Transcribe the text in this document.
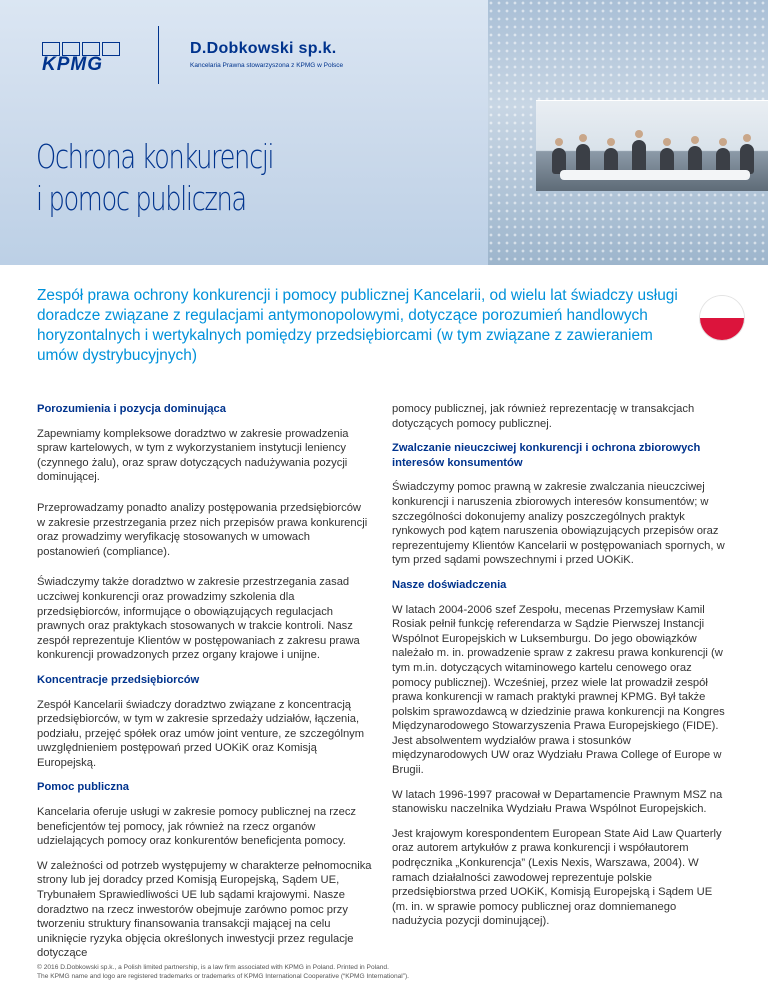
KPMG
D.Dobkowski sp.k.
Kancelaria Prawna stowarzyszona z KPMG w Polsce
Ochrona konkurencji
i pomoc publiczna
Zespół prawa ochrony konkurencji i pomocy publicznej Kancelarii, od wielu lat świadczy usługi doradcze związane z regulacjami antymonopolowymi, dotyczące porozumień handlowych horyzontalnych i wertykalnych pomiędzy przedsiębiorcami (w tym związane z zawieraniem umów dystrybucyjnych)
Porozumienia i pozycja dominująca

Zapewniamy kompleksowe doradztwo w zakresie prowadzenia spraw kartelowych, w tym z wykorzystaniem instytucji leniency (czynnego żalu), oraz spraw dotyczących nadużywania pozycji dominującej.

Przeprowadzamy ponadto analizy postępowania przedsiębiorców w zakresie przestrzegania przez nich przepisów prawa konkurencji oraz prowadzimy weryfikację stosowanych w umowach postanowień (compliance).

Świadczymy także doradztwo w zakresie przestrzegania zasad uczciwej konkurencji oraz prowadzimy szkolenia dla przedsiębiorców, informujące o obowiązujących regulacjach prawnych oraz praktykach stosowanych w trakcie kontroli. Nasz zespół reprezentuje Klientów w postępowaniach z zakresu prawa konkurencji prowadzonych przez organy krajowe i unijne.

Koncentracje przedsiębiorców

Zespół Kancelarii świadczy doradztwo związane z koncentracją przedsiębiorców, w tym w zakresie sprzedaży udziałów, łączenia, podziału, przejęć spółek oraz umów joint venture, ze szczególnym uwzględnieniem postępowań przed UOKiK oraz Komisją Europejską.

Pomoc publiczna

Kancelaria oferuje usługi w zakresie pomocy publicznej na rzecz beneficjentów tej pomocy, jak również na rzecz organów udzielających pomocy oraz konkurentów beneficjenta pomocy.

W zależności od potrzeb występujemy w charakterze pełnomocnika strony lub jej doradcy przed Komisją Europejską, Sądem UE, Trybunałem Sprawiedliwości UE lub sądami krajowymi. Nasze doradztwo na rzecz inwestorów obejmuje zarówno pomoc przy tworzeniu struktury finansowania transakcji mającej na celu uniknięcie ryzyka objęcia określonych inwestycji przez regulacje dotyczące

pomocy publicznej, jak również reprezentację w transakcjach dotyczących pomocy publicznej.

Zwalczanie nieuczciwej konkurencji i ochrona zbiorowych interesów konsumentów

Świadczymy pomoc prawną w zakresie zwalczania nieuczciwej konkurencji i naruszenia zbiorowych interesów konsumentów; w szczególności dokonujemy analizy poszczególnych praktyk rynkowych pod kątem naruszenia obowiązujących przepisów oraz reprezentujemy Klientów Kancelarii w postępowaniach spornych, w tym przed sądami powszechnymi i przed UOKiK.

Nasze doświadczenia

W latach 2004-2006 szef Zespołu, mecenas Przemysław Kamil Rosiak pełnił funkcję referendarza w Sądzie Pierwszej Instancji Wspólnot Europejskich w Luksemburgu. Do jego obowiązków należało m. in. prowadzenie spraw z zakresu prawa konkurencji (w tym m.in. dotyczących witaminowego kartelu cenowego oraz pomocy publicznej). Wcześniej, przez wiele lat prowadził zespół prawa konkurencji w ramach praktyki prawnej KPMG. Był także polskim sprawozdawcą w dziedzinie prawa konkurencji na Kongres Międzynarodowego Stowarzyszenia Prawa Europejskiego (FIDE). Jest absolwentem wydziałów prawa i stosunków międzynarodowych UW oraz Wydziału Prawa College of Europe w Brugii.

W latach 1996-1997 pracował w Departamencie Prawnym MSZ na stanowisku naczelnika Wydziału Prawa Wspólnot Europejskich.

Jest krajowym korespondentem European State Aid Law Quarterly oraz autorem artykułów z prawa konkurencji i współautorem podręcznika „Konkurencja” (Lexis Nexis, Warszawa, 2004). W ramach działalności zawodowej reprezentuje polskie przedsiębiorstwa przed UOKiK, Komisją Europejską i Sądem UE (m. in. w sprawie pomocy publicznej oraz domniemanego nadużycia pozycji dominującej).

© 2016 D.Dobkowski sp.k., a Polish limited partnership, is a law firm associated with KPMG in Poland. Printed in Poland.
The KPMG name and logo are registered trademarks or trademarks of KPMG International Cooperative (“KPMG International”).
